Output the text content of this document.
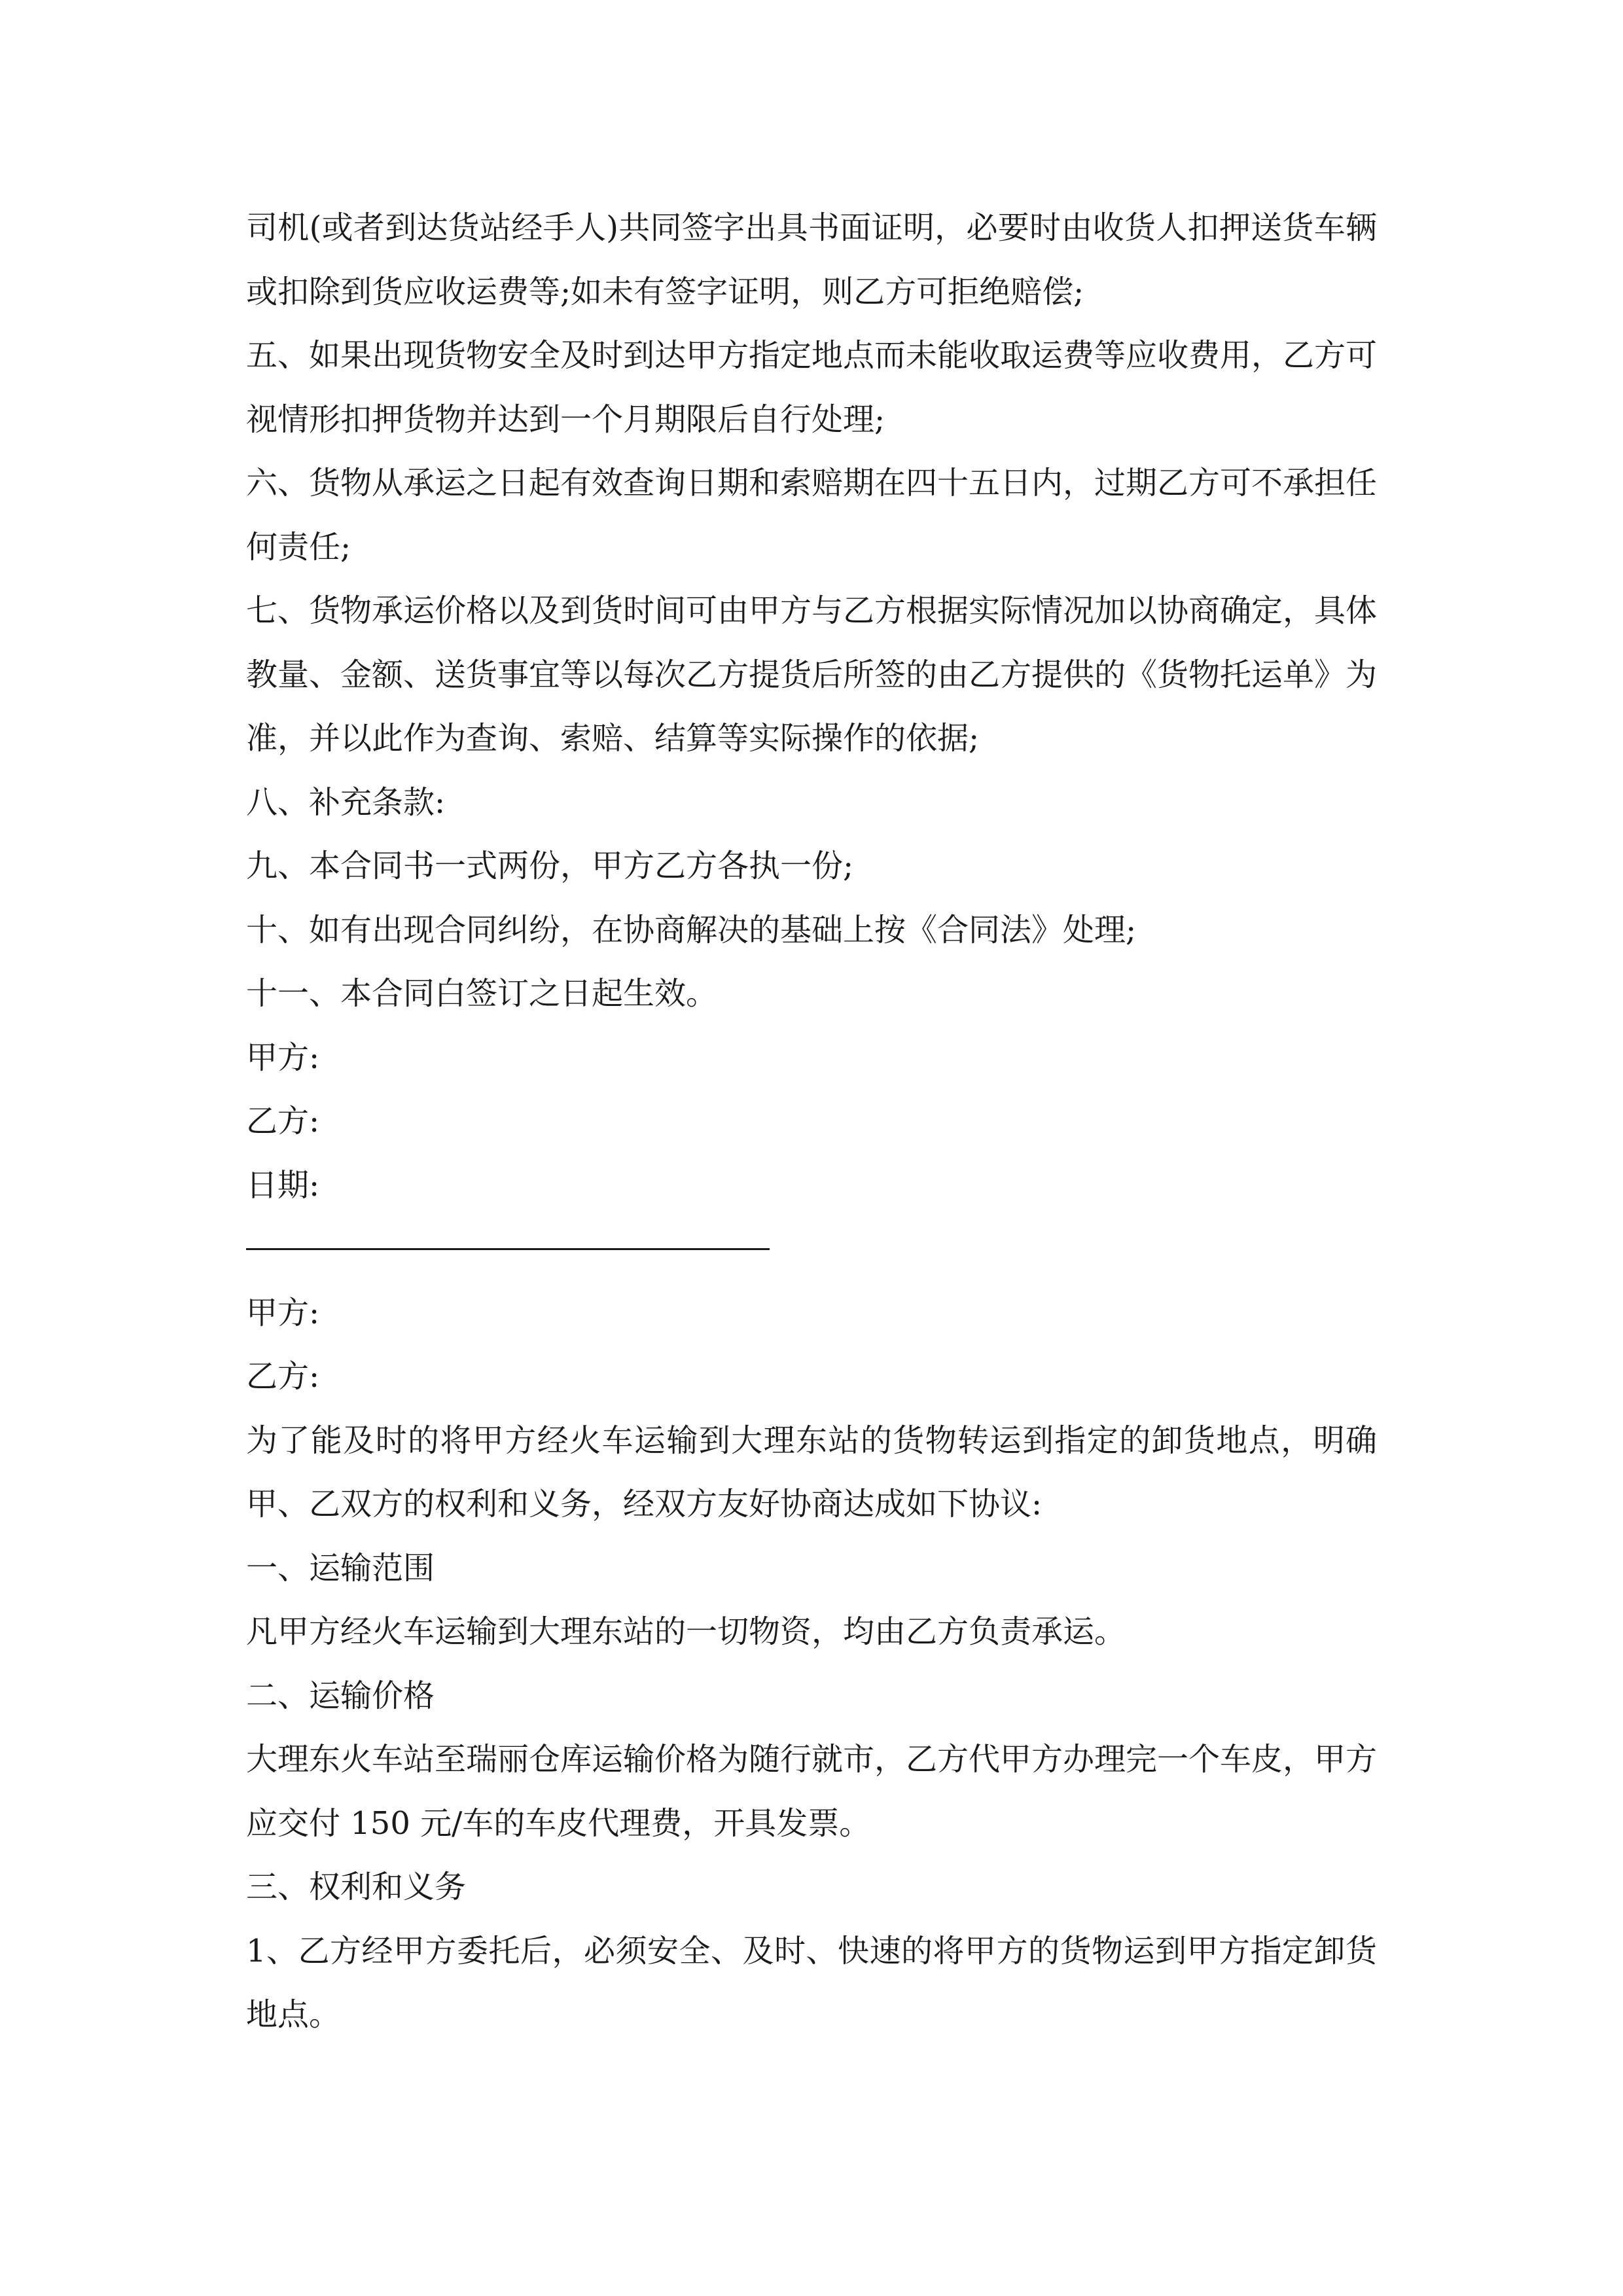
司机(或者到达货站经手人)共同签字出具书面证明，必要时由收货人扣押送货车辆或扣除到货应收运费等;如未有签字证明，则乙方可拒绝赔偿;

五、如果出现货物安全及时到达甲方指定地点而未能收取运费等应收费用，乙方可视情形扣押货物并达到一个月期限后自行处理;

六、货物从承运之日起有效查询日期和索赔期在四十五日内，过期乙方可不承担任何责任;

七、货物承运价格以及到货时间可由甲方与乙方根据实际情况加以协商确定，具体教量、金额、送货事宜等以每次乙方提货后所签的由乙方提供的《货物托运单》为准，并以此作为查询、索赔、结算等实际操作的依据;

八、补充条款:

九、本合同书一式两份，甲方乙方各执一份;

十、如有出现合同纠纷，在协商解决的基础上按《合同法》处理;

十一、本合同白签订之日起生效。

甲方:

乙方:

日期:

甲方:

乙方:

为了能及时的将甲方经火车运输到大理东站的货物转运到指定的卸货地点，明确甲、乙双方的权利和义务，经双方友好协商达成如下协议:

一、运输范围

凡甲方经火车运输到大理东站的一切物资，均由乙方负责承运。

二、运输价格

大理东火车站至瑞丽仓库运输价格为随行就市，乙方代甲方办理完一个车皮，甲方应交付 150 元/车的车皮代理费，开具发票。

三、权利和义务

1、乙方经甲方委托后，必须安全、及时、快速的将甲方的货物运到甲方指定卸货地点。
